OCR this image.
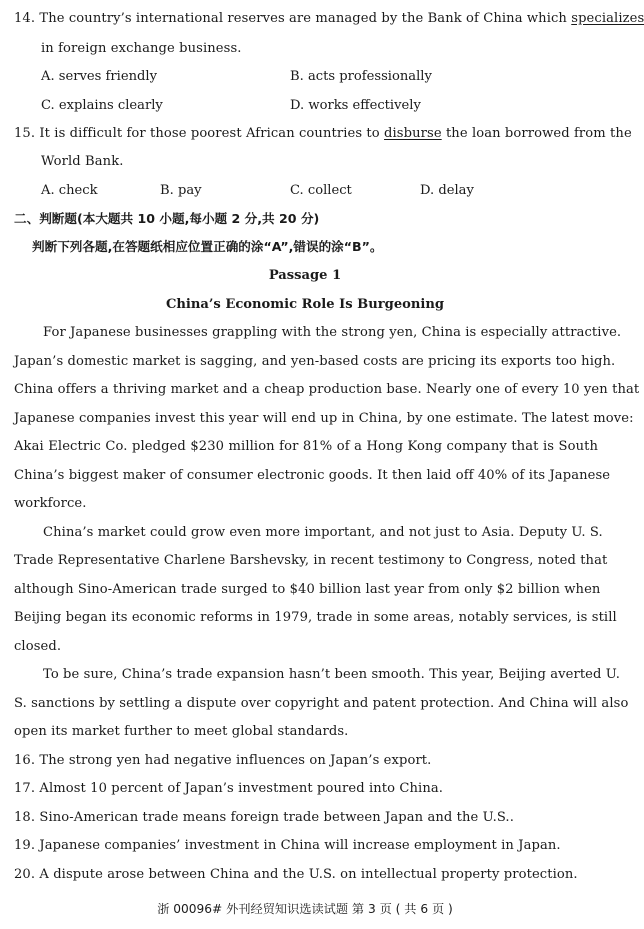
14. The country’s international reserves are managed by the Bank of China which specializes
in foreign exchange business.
A. serves friendly	B. acts professionally
C. explains clearly	D. works effectively
15. It is difficult for those poorest African countries to disburse the loan borrowed from the
World Bank.
A. check	B. pay	C. collect	D. delay
二、判断题(本大题共 10 小题,每小题 2 分,共 20 分)
判断下列各题,在答题纸相应位置正确的涂“A”,错误的涂“B”。
Passage 1
China’s Economic Role Is Burgeoning
For Japanese businesses grappling with the strong yen, China is especially attractive.
Japan’s domestic market is sagging, and yen-based costs are pricing its exports too high.
China offers a thriving market and a cheap production base. Nearly one of every 10 yen that
Japanese companies invest this year will end up in China, by one estimate. The latest move:
Akai Electric Co. pledged $230 million for 81% of a Hong Kong company that is South
China’s biggest maker of consumer electronic goods. It then laid off 40% of its Japanese
workforce.
China’s market could grow even more important, and not just to Asia. Deputy U. S.
Trade Representative Charlene Barshevsky, in recent testimony to Congress, noted that
although Sino-American trade surged to $40 billion last year from only $2 billion when
Beijing began its economic reforms in 1979, trade in some areas, notably services, is still
closed.
To be sure, China’s trade expansion hasn’t been smooth. This year, Beijing averted U.
S. sanctions by settling a dispute over copyright and patent protection. And China will also
open its market further to meet global standards.
16. The strong yen had negative influences on Japan’s export.
17. Almost 10 percent of Japan’s investment poured into China.
18. Sino-American trade means foreign trade between Japan and the U.S..
19. Japanese companies’ investment in China will increase employment in Japan.
20. A dispute arose between China and the U.S. on intellectual property protection.
浙 00096# 外刊经贸知识选读试题 第 3 页 ( 共 6 页 )
